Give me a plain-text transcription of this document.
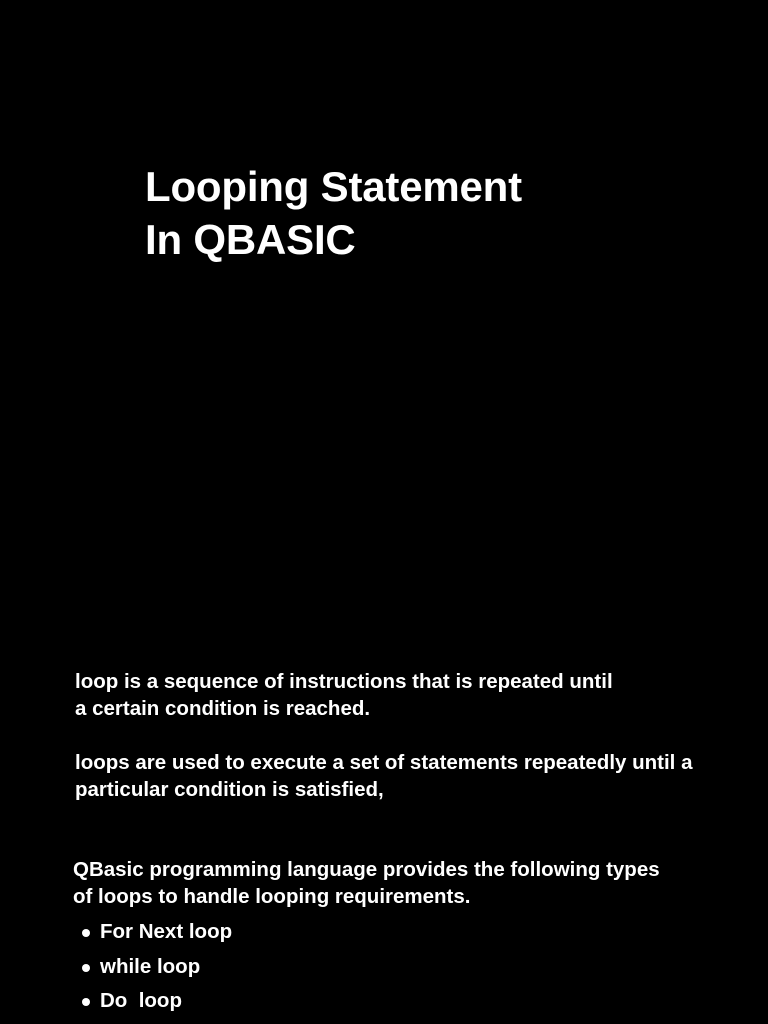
Looping Statement
In QBASIC

loop is a sequence of instructions that is repeated until
a certain condition is reached.

loops are used to execute a set of statements repeatedly until a
particular condition is satisfied,

QBasic programming language provides the following types
of loops to handle looping requirements.

For Next loop
while loop
Do  loop
